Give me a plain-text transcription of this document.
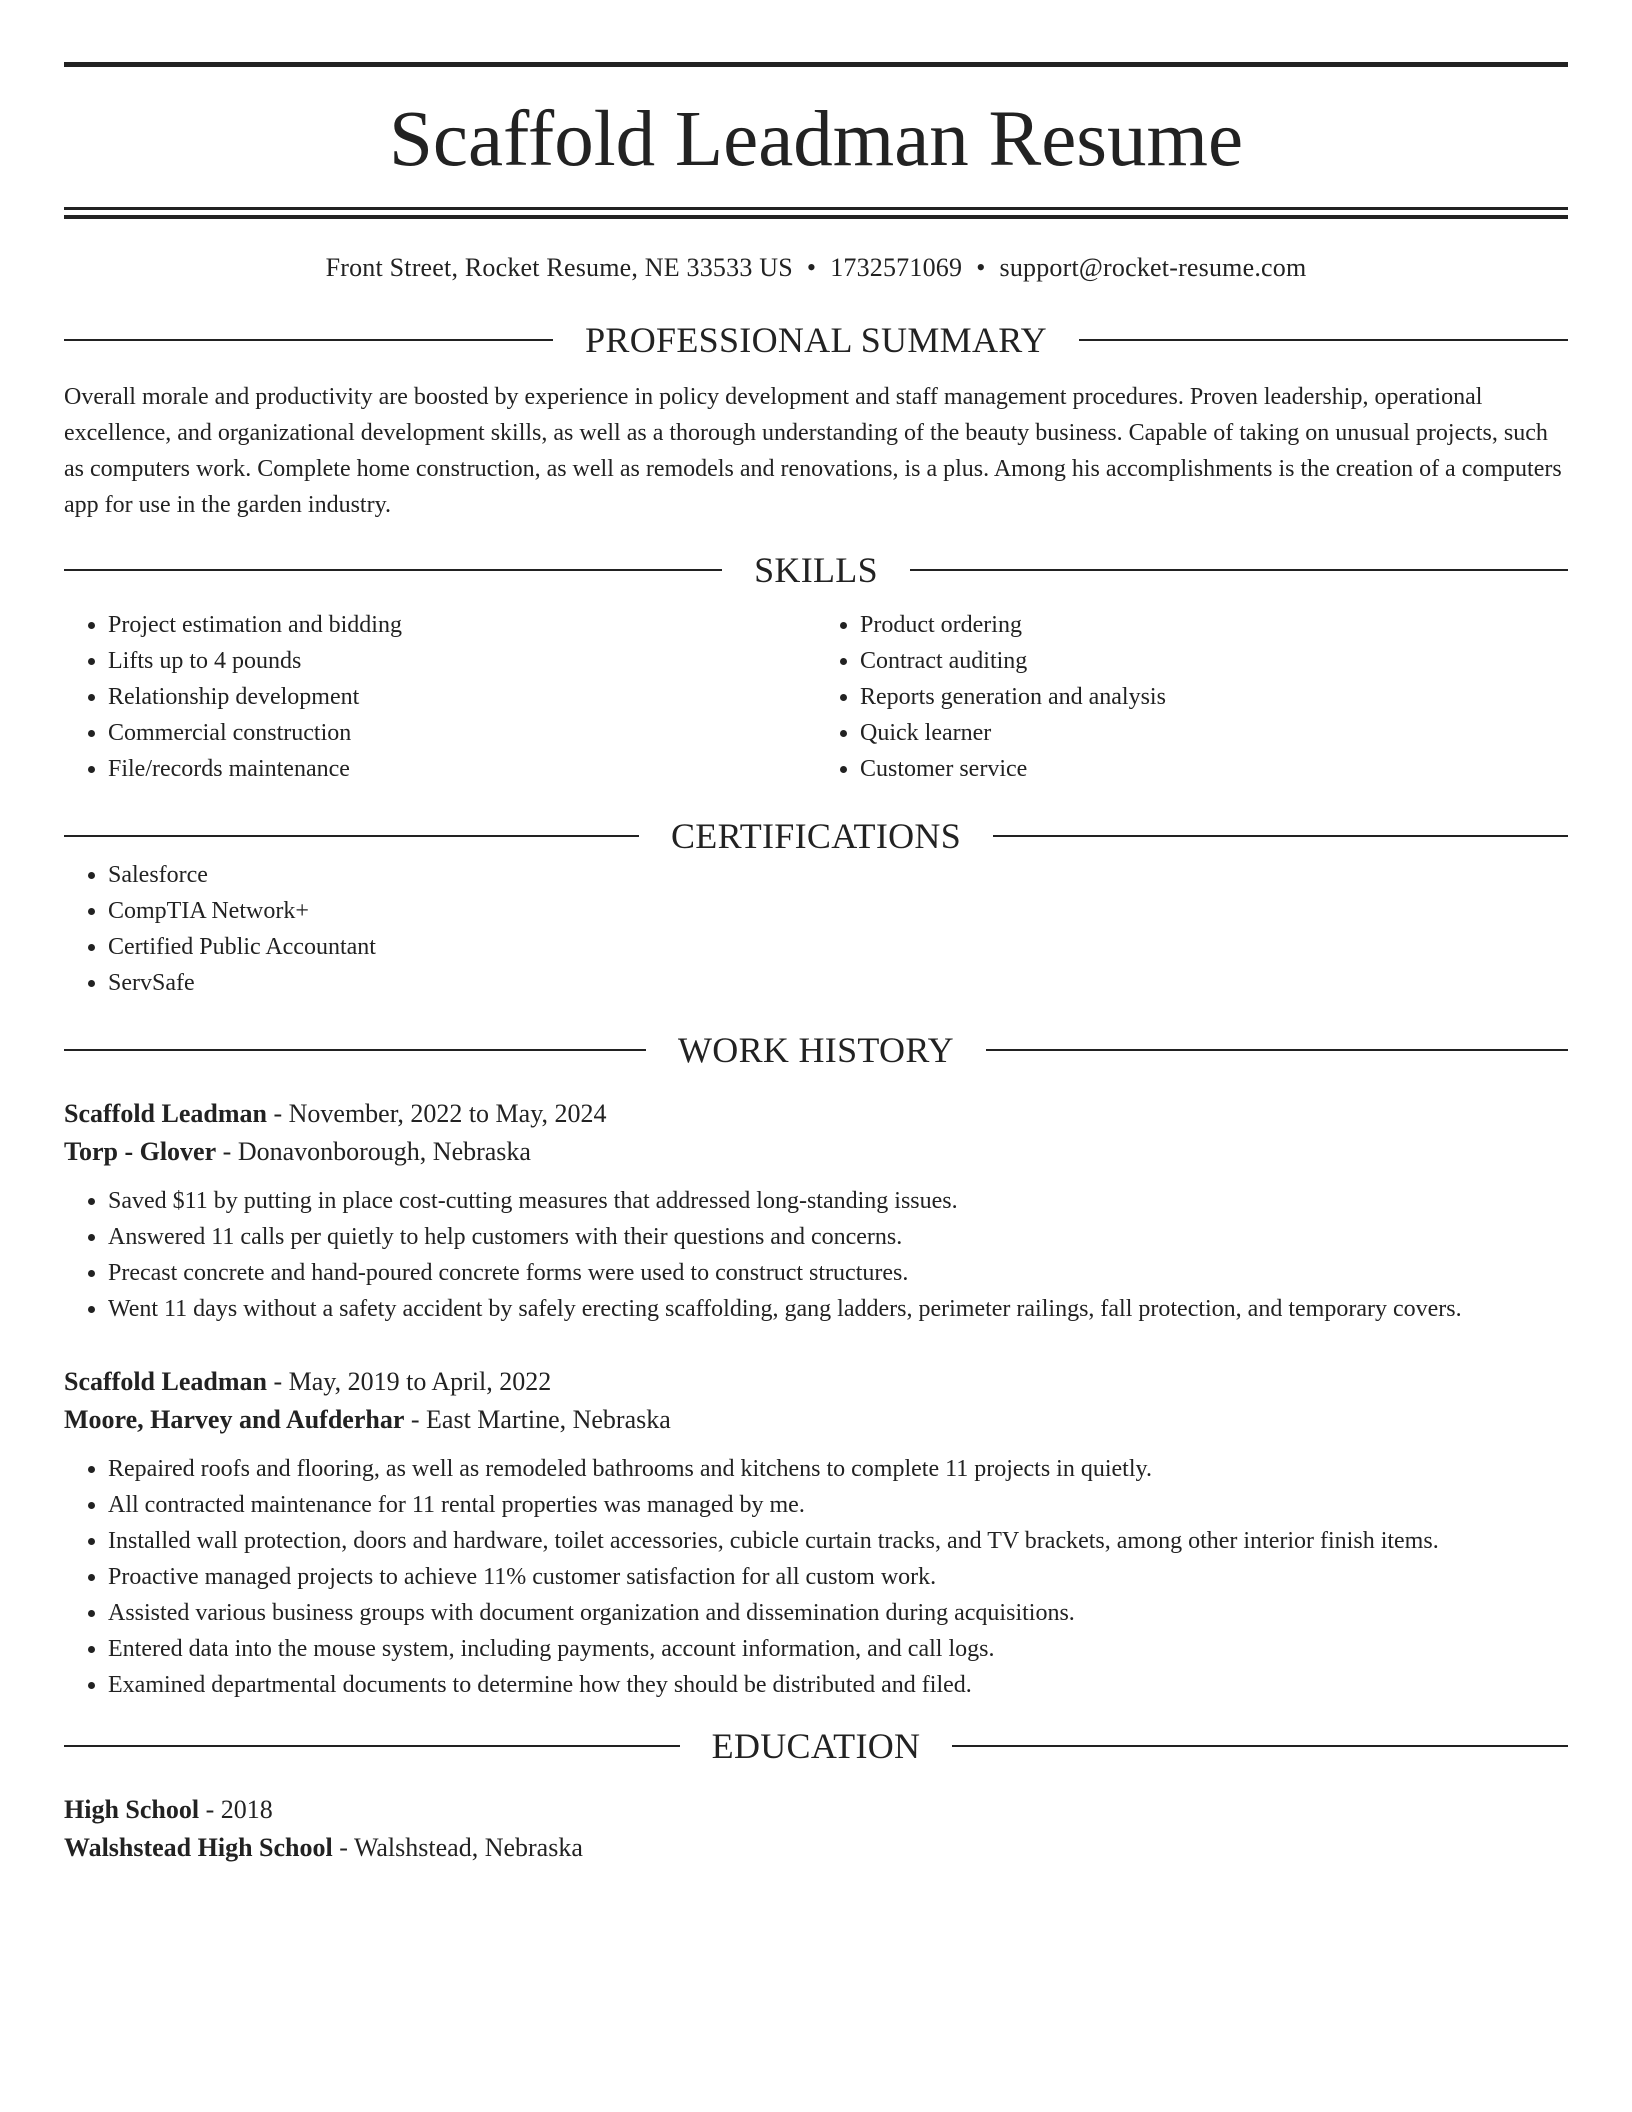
Scaffold Leadman Resume
Front Street, Rocket Resume, NE 33533 US • 1732571069 • support@rocket-resume.com
PROFESSIONAL SUMMARY

Overall morale and productivity are boosted by experience in policy development and staff management procedures. Proven leadership, operational excellence, and organizational development skills, as well as a thorough understanding of the beauty business. Capable of taking on unusual projects, such as computers work. Complete home construction, as well as remodels and renovations, is a plus. Among his accomplishments is the creation of a computers app for use in the garden industry.

SKILLS
• Project estimation and bidding
• Lifts up to 4 pounds
• Relationship development
• Commercial construction
• File/records maintenance
• Product ordering
• Contract auditing
• Reports generation and analysis
• Quick learner
• Customer service
CERTIFICATIONS
• Salesforce
• CompTIA Network+
• Certified Public Accountant
• ServSafe
WORK HISTORY
Scaffold Leadman - November, 2022 to May, 2024
Torp - Glover - Donavonborough, Nebraska
• Saved $11 by putting in place cost-cutting measures that addressed long-standing issues.
• Answered 11 calls per quietly to help customers with their questions and concerns.
• Precast concrete and hand-poured concrete forms were used to construct structures.
• Went 11 days without a safety accident by safely erecting scaffolding, gang ladders, perimeter railings, fall protection, and temporary covers.
Scaffold Leadman - May, 2019 to April, 2022
Moore, Harvey and Aufderhar - East Martine, Nebraska
• Repaired roofs and flooring, as well as remodeled bathrooms and kitchens to complete 11 projects in quietly.
• All contracted maintenance for 11 rental properties was managed by me.
• Installed wall protection, doors and hardware, toilet accessories, cubicle curtain tracks, and TV brackets, among other interior finish items.
• Proactive managed projects to achieve 11% customer satisfaction for all custom work.
• Assisted various business groups with document organization and dissemination during acquisitions.
• Entered data into the mouse system, including payments, account information, and call logs.
• Examined departmental documents to determine how they should be distributed and filed.
EDUCATION
High School - 2018
Walshstead High School - Walshstead, Nebraska
